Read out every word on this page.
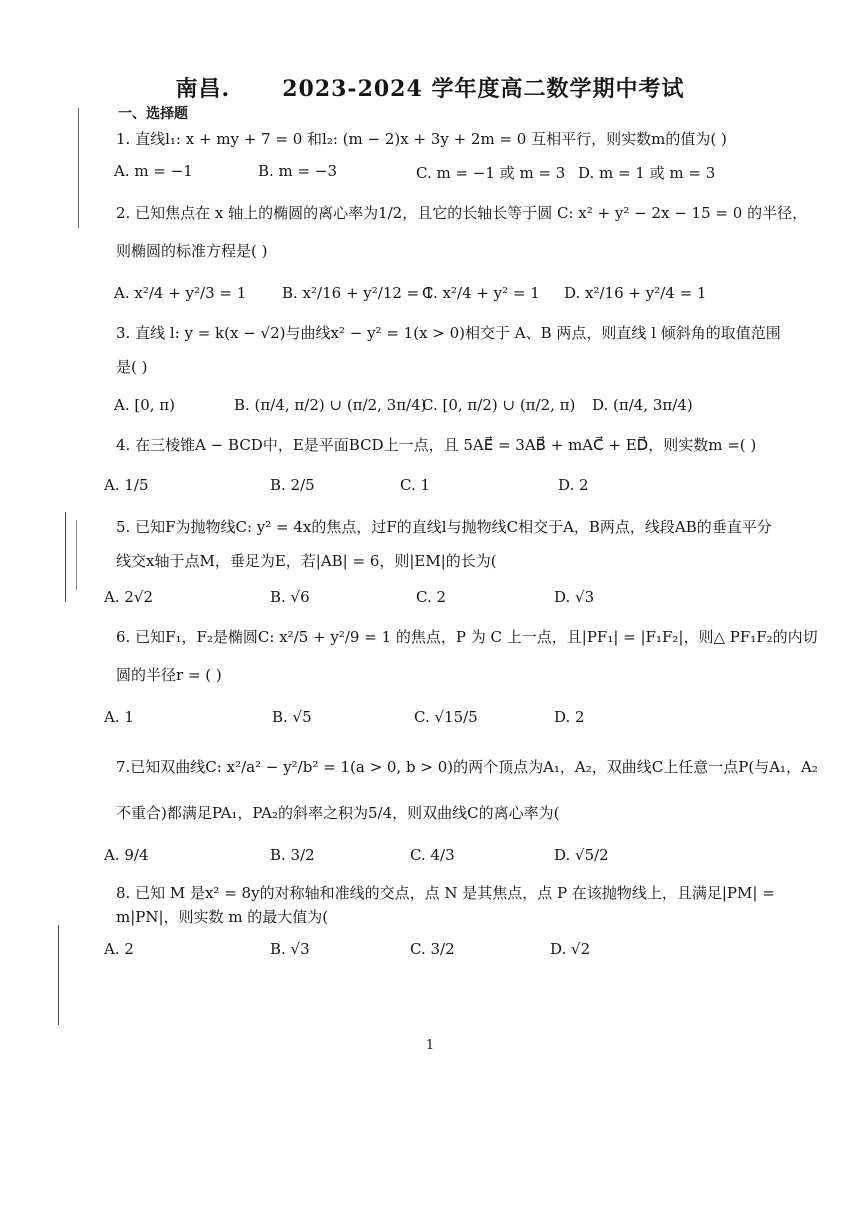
南昌. 2023-2024 学年度高二数学期中考试
一、选择题
1. 直线l₁: x + my + 7 = 0 和l₂: (m − 2)x + 3y + 2m = 0 互相平行，则实数m的值为( )
A. m = −1	B. m = −3	C. m = −1 或 m = 3 D. m = 1 或 m = 3
2. 已知焦点在 x 轴上的椭圆的离心率为1/2，且它的长轴长等于圆 C: x² + y² − 2x − 15 = 0 的半径，
则椭圆的标准方程是( )
A. x²/4 + y²/3 = 1 B. x²/16 + y²/12 = 1
C. x²/4 + y² = 1 D. x²/16 + y²/4 = 1
3. 直线 l: y = k(x − √2)与曲线x² − y² = 1(x > 0)相交于 A、B 两点，则直线 l 倾斜角的取值范围
是( )
A. [0, π)	B. (π/4, π/2) ∪ (π/2, 3π/4)
C. [0, π/2) ∪ (π/2, π) D. (π/4, 3π/4)
4. 在三棱锥A − BCD中，E是平面BCD上一点，且 5AE⃗ = 3AB⃗ + mAC⃗ + ED⃗，则实数m =( )
A. 1/5	B. 2/5	C. 1	D. 2
5. 已知F为抛物线C: y² = 4x的焦点，过F的直线l与抛物线C相交于A，B两点，线段AB的垂直平分
线交x轴于点M，垂足为E，若|AB| = 6，则|EM|的长为(
A. 2√2	B. √6	C. 2	D. √3
6. 已知F₁，F₂是椭圆C: x²/5 + y²/9 = 1 的焦点，P 为 C 上一点，且|PF₁| = |F₁F₂|，则△ PF₁F₂的内切
圆的半径r = ( )
A. 1	B. √5	C. √15/5	D. 2
7.已知双曲线C: x²/a² − y²/b² = 1(a > 0, b > 0)的两个顶点为A₁，A₂，双曲线C上任意一点P(与A₁，A₂
不重合)都满足PA₁，PA₂的斜率之积为5/4，则双曲线C的离心率为(
A. 9/4	B. 3/2	C. 4/3	D. √5/2
8. 已知 M 是x² = 8y的对称轴和准线的交点，点 N 是其焦点，点 P 在该抛物线上，且满足|PM| =
m|PN|，则实数 m 的最大值为(
A. 2	B. √3	C. 3/2	D. √2
1
